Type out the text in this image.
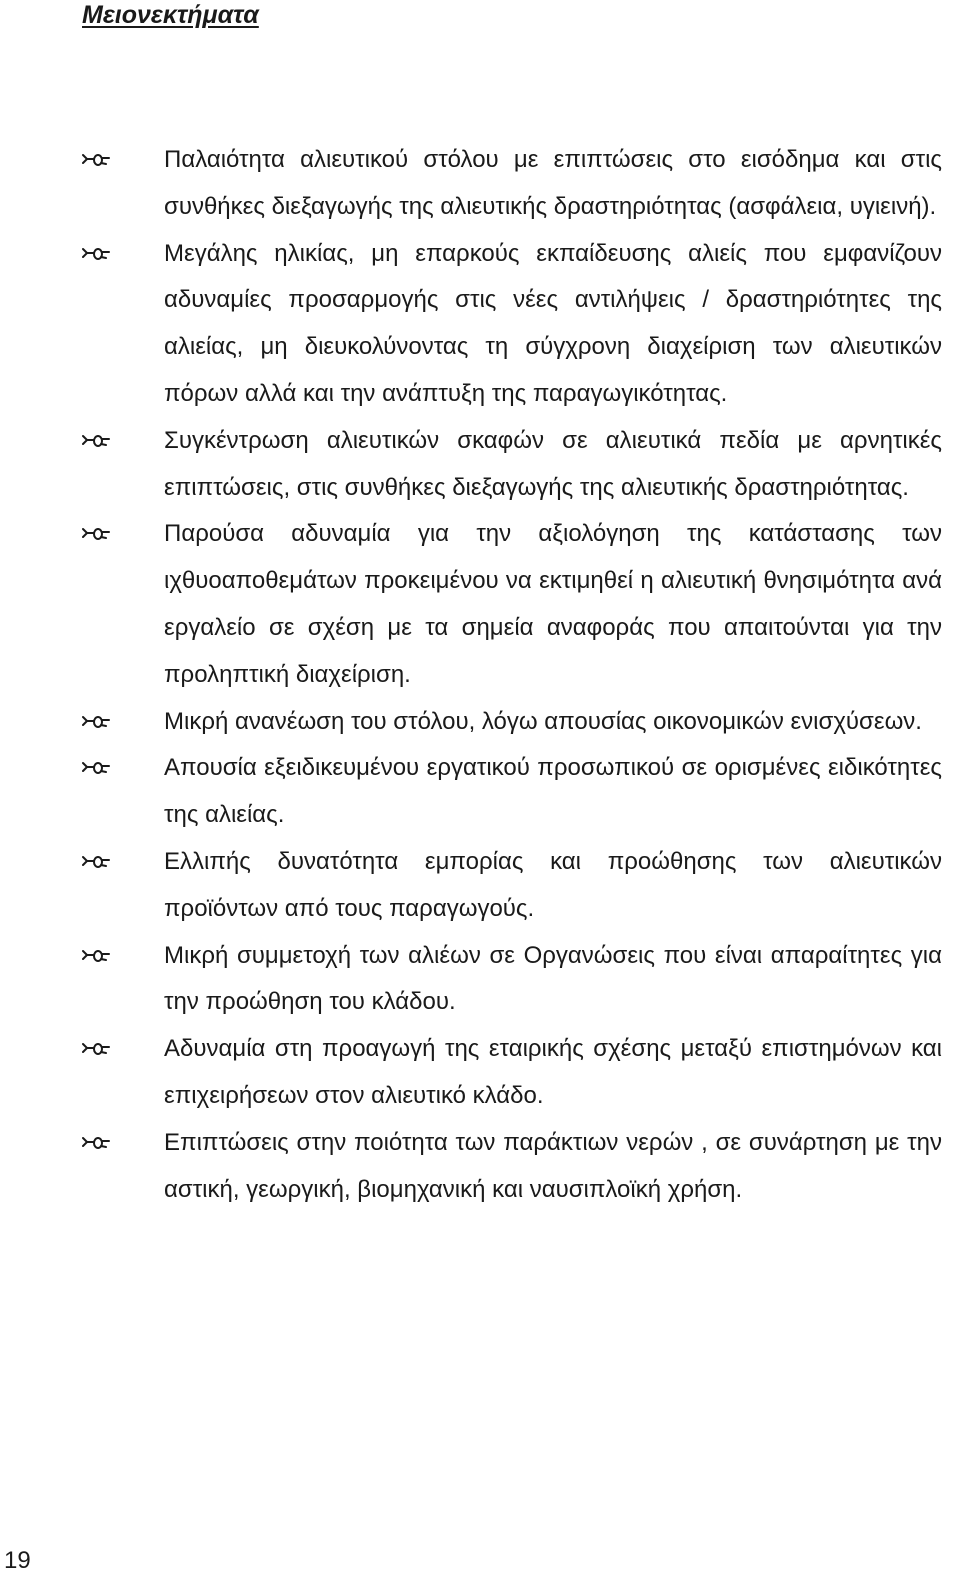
Μειονεκτήματα
Παλαιότητα αλιευτικού στόλου με επιπτώσεις στο εισόδημα και στις συνθήκες διεξαγωγής της αλιευτικής δραστηριότητας (ασφάλεια, υγιεινή).
Μεγάλης ηλικίας, μη επαρκούς εκπαίδευσης αλιείς που εμφανίζουν αδυναμίες προσαρμογής στις νέες αντιλήψεις / δραστηριότητες της αλιείας, μη διευκολύνοντας τη σύγχρονη διαχείριση των αλιευτικών πόρων αλλά και την ανάπτυξη της παραγωγικότητας.
Συγκέντρωση αλιευτικών σκαφών σε αλιευτικά πεδία με αρνητικές επιπτώσεις, στις συνθήκες διεξαγωγής της αλιευτικής δραστηριότητας.
Παρούσα αδυναμία για την αξιολόγηση της κατάστασης των ιχθυοαποθεμάτων προκειμένου να εκτιμηθεί η αλιευτική θνησιμότητα ανά εργαλείο σε σχέση με τα σημεία αναφοράς που απαιτούνται για την προληπτική διαχείριση.
Μικρή ανανέωση του στόλου, λόγω απουσίας οικονομικών ενισχύσεων.
Απουσία εξειδικευμένου εργατικού προσωπικού σε ορισμένες ειδικότητες της αλιείας.
Ελλιπής δυνατότητα εμπορίας και προώθησης των αλιευτικών προϊόντων από τους παραγωγούς.
Μικρή συμμετοχή των αλιέων σε Οργανώσεις που είναι απαραίτητες για την προώθηση του κλάδου.
Αδυναμία στη προαγωγή της εταιρικής σχέσης μεταξύ επιστημόνων και επιχειρήσεων στον αλιευτικό κλάδο.
Επιπτώσεις στην ποιότητα των παράκτιων νερών , σε συνάρτηση με την αστική, γεωργική, βιομηχανική και ναυσιπλοϊκή χρήση.
19
